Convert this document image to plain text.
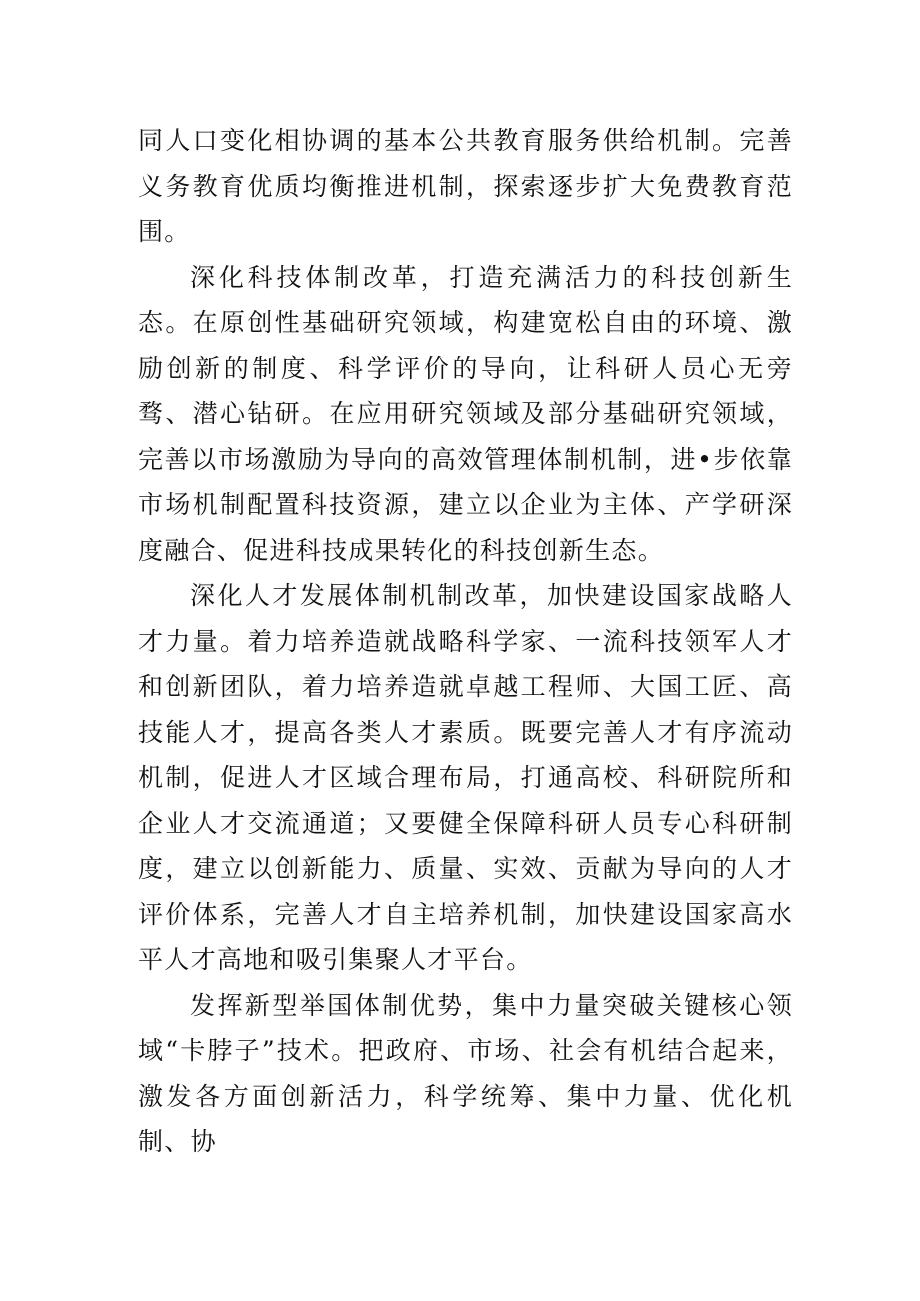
同人口变化相协调的基本公共教育服务供给机制。完善义务教育优质均衡推进机制，探索逐步扩大免费教育范围。

深化科技体制改革，打造充满活力的科技创新生态。在原创性基础研究领域，构建宽松自由的环境、激励创新的制度、科学评价的导向，让科研人员心无旁骛、潜心钻研。在应用研究领域及部分基础研究领域，完善以市场激励为导向的高效管理体制机制，进•步依靠市场机制配置科技资源，建立以企业为主体、产学研深度融合、促进科技成果转化的科技创新生态。

深化人才发展体制机制改革，加快建设国家战略人才力量。着力培养造就战略科学家、一流科技领军人才和创新团队，着力培养造就卓越工程师、大国工匠、高技能人才，提高各类人才素质。既要完善人才有序流动机制，促进人才区域合理布局，打通高校、科研院所和企业人才交流通道；又要健全保障科研人员专心科研制度，建立以创新能力、质量、实效、贡献为导向的人才评价体系，完善人才自主培养机制，加快建设国家高水平人才高地和吸引集聚人才平台。

发挥新型举国体制优势，集中力量突破关键核心领域“卡脖子”技术。把政府、市场、社会有机结合起来，激发各方面创新活力，科学统筹、集中力量、优化机制、协
